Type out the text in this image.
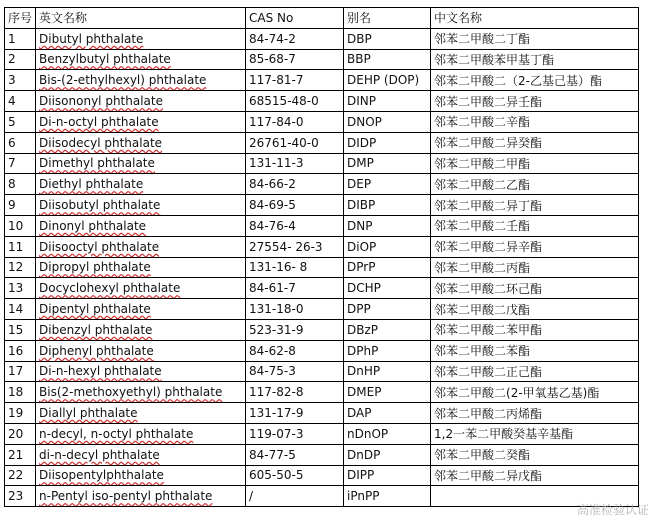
序号	英文名称	CAS No	别名	中文名称
1	Dibutyl phthalate	84-74-2	DBP	邻苯二甲酸二丁酯
2	Benzylbutyl phthalate	85-68-7	BBP	邻苯二甲酸苯甲基丁酯
3	Bis-(2-ethylhexyl) phthalate	117-81-7	DEHP (DOP)	邻苯二甲酸二（2-乙基己基）酯
4	Diisononyl phthalate	68515-48-0	DINP	邻苯二甲酸二异壬酯
5	Di-n-octyl phthalate	117-84-0	DNOP	邻苯二甲酸二辛酯
6	Diisodecyl phthalate	26761-40-0	DIDP	邻苯二甲酸二异癸酯
7	Dimethyl phthalate	131-11-3	DMP	邻苯二甲酸二甲酯
8	Diethyl phthalate	84-66-2	DEP	邻苯二甲酸二乙酯
9	Diisobutyl phthalate	84-69-5	DIBP	邻苯二甲酸二异丁酯
10	Dinonyl phthalate	84-76-4	DNP	邻苯二甲酸二壬酯
11	Diisooctyl phthalate	27554- 26-3	DiOP	邻苯二甲酸二异辛酯
12	Dipropyl phthalate	131-16- 8	DPrP	邻苯二甲酸二丙酯
13	Docyclohexyl phthalate	84-61-7	DCHP	邻苯二甲酸二环己酯
14	Dipentyl phthalate	131-18-0	DPP	邻苯二甲酸二戊酯
15	Dibenzyl phthalate	523-31-9	DBzP	邻苯二甲酸二苯甲酯
16	Diphenyl phthalate	84-62-8	DPhP	邻苯二甲酸二苯酯
17	Di-n-hexyl phthalate	84-75-3	DnHP	邻苯二甲酸二正己酯
18	Bis(2-methoxyethyl) phthalate	117-82-8	DMEP	邻苯二甲酸二(2-甲氧基乙基)酯
19	Diallyl phthalate	131-17-9	DAP	邻苯二甲酸二丙烯酯
20	n-decyl, n-octyl phthalate	119-07-3	nDnOP	1,2一苯二甲酸癸基辛基酯
21	di-n-decyl phthalate	84-77-5	DnDP	邻苯二甲酸二癸酯
22	Diisopentylphthalate	605-50-5	DIPP	邻苯二甲酸二异戊酯
23	n-Pentyl iso-pentyl phthalate	/	iPnPP	
高准检验认证
